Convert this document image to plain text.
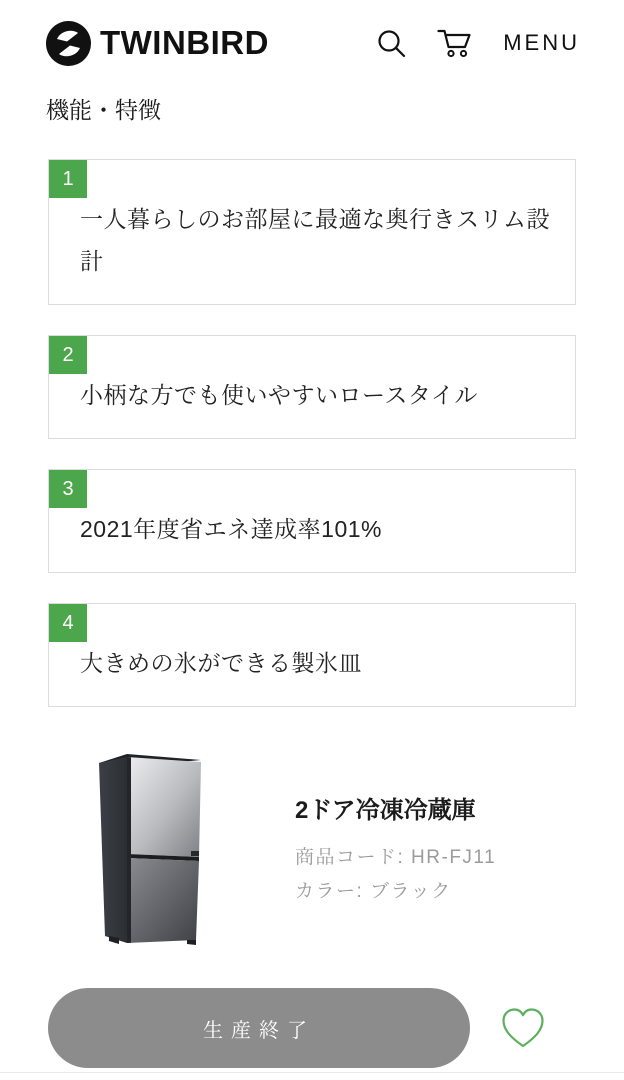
TWINBIRD	MENU
機能・特徴
1

一人暮らしのお部屋に最適な奥行きスリム設計

2

小柄な方でも使いやすいロースタイル

3

2021年度省エネ達成率101%

4

大きめの氷ができる製氷皿

2ドア冷凍冷蔵庫
商品コード: HR-FJ11
カラー: ブラック
生産終了
